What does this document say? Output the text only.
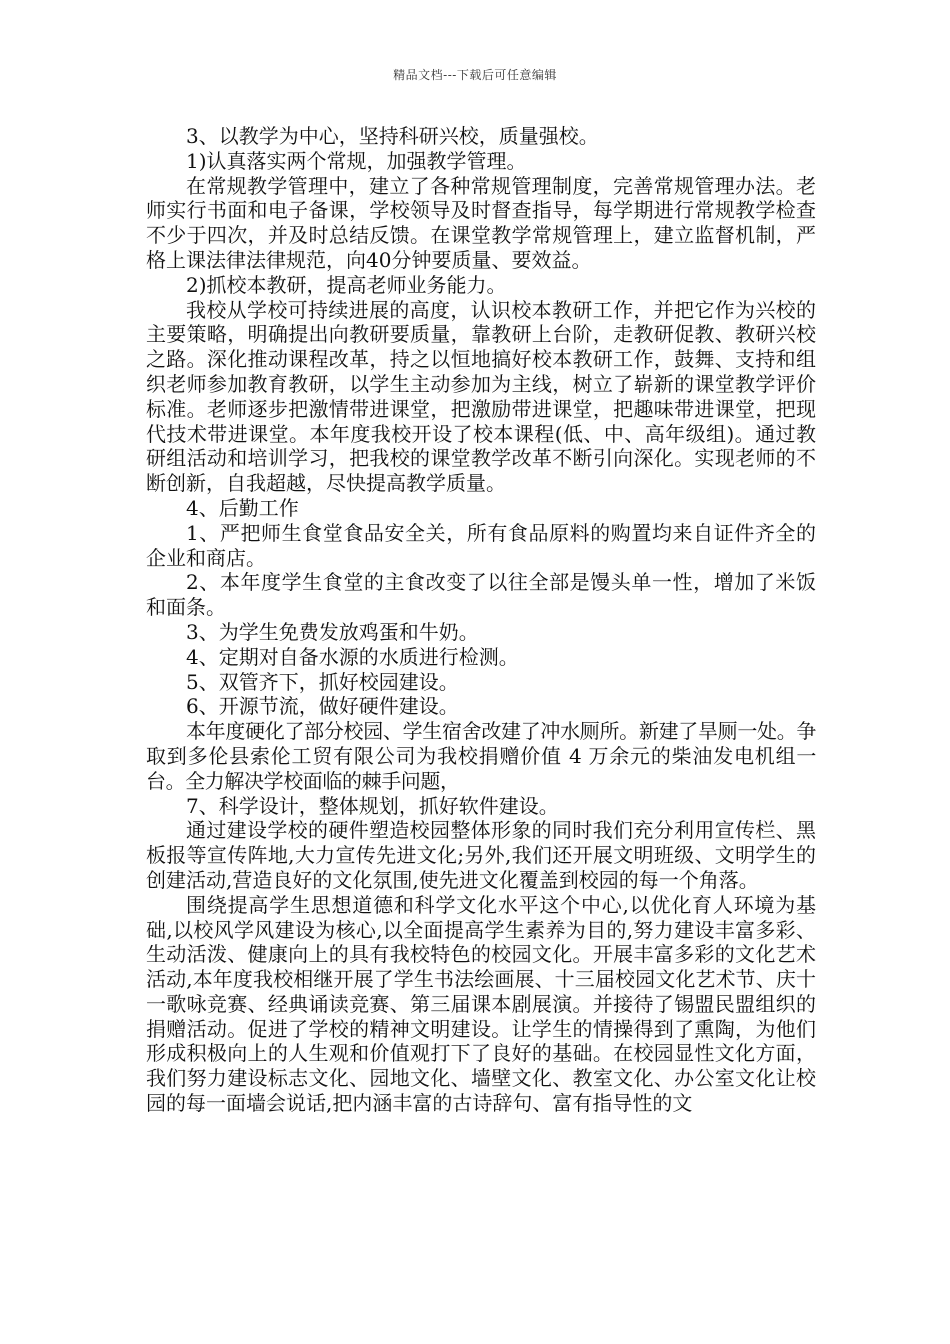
精品文档---下载后可任意编辑

3、以教学为中心，坚持科研兴校，质量强校。

1)认真落实两个常规，加强教学管理。

在常规教学管理中，建立了各种常规管理制度，完善常规管理办法。老师实行书面和电子备课，学校领导及时督查指导，每学期进行常规教学检查不少于四次，并及时总结反馈。在课堂教学常规管理上，建立监督机制，严格上课法律法律规范，向40分钟要质量、要效益。

2)抓校本教研，提高老师业务能力。

我校从学校可持续进展的高度，认识校本教研工作，并把它作为兴校的主要策略，明确提出向教研要质量，靠教研上台阶，走教研促教、教研兴校之路。深化推动课程改革，持之以恒地搞好校本教研工作，鼓舞、支持和组织老师参加教育教研，以学生主动参加为主线，树立了崭新的课堂教学评价标准。老师逐步把激情带进课堂，把激励带进课堂，把趣味带进课堂，把现代技术带进课堂。本年度我校开设了校本课程(低、中、高年级组)。通过教研组活动和培训学习，把我校的课堂教学改革不断引向深化。实现老师的不断创新，自我超越，尽快提高教学质量。

4、后勤工作

1、严把师生食堂食品安全关，所有食品原料的购置均来自证件齐全的企业和商店。

2、本年度学生食堂的主食改变了以往全部是馒头单一性，增加了米饭和面条。

3、为学生免费发放鸡蛋和牛奶。

4、定期对自备水源的水质进行检测。

5、双管齐下，抓好校园建设。

6、开源节流，做好硬件建设。

本年度硬化了部分校园、学生宿舍改建了冲水厕所。新建了旱厕一处。争取到多伦县索伦工贸有限公司为我校捐赠价值 4 万余元的柴油发电机组一台。全力解决学校面临的棘手问题，

7、科学设计，整体规划，抓好软件建设。

通过建设学校的硬件塑造校园整体形象的同时我们充分利用宣传栏、黑板报等宣传阵地,大力宣传先进文化;另外,我们还开展文明班级、文明学生的创建活动,营造良好的文化氛围,使先进文化覆盖到校园的每一个角落。

围绕提高学生思想道德和科学文化水平这个中心,以优化育人环境为基础,以校风学风建设为核心,以全面提高学生素养为目的,努力建设丰富多彩、生动活泼、健康向上的具有我校特色的校园文化。开展丰富多彩的文化艺术活动,本年度我校相继开展了学生书法绘画展、十三届校园文化艺术节、庆十一歌咏竞赛、经典诵读竞赛、第三届课本剧展演。并接待了锡盟民盟组织的捐赠活动。促进了学校的精神文明建设。让学生的情操得到了熏陶，为他们形成积极向上的人生观和价值观打下了良好的基础。在校园显性文化方面，我们努力建设标志文化、园地文化、墙壁文化、教室文化、办公室文化让校园的每一面墙会说话,把内涵丰富的古诗辞句、富有指导性的文
